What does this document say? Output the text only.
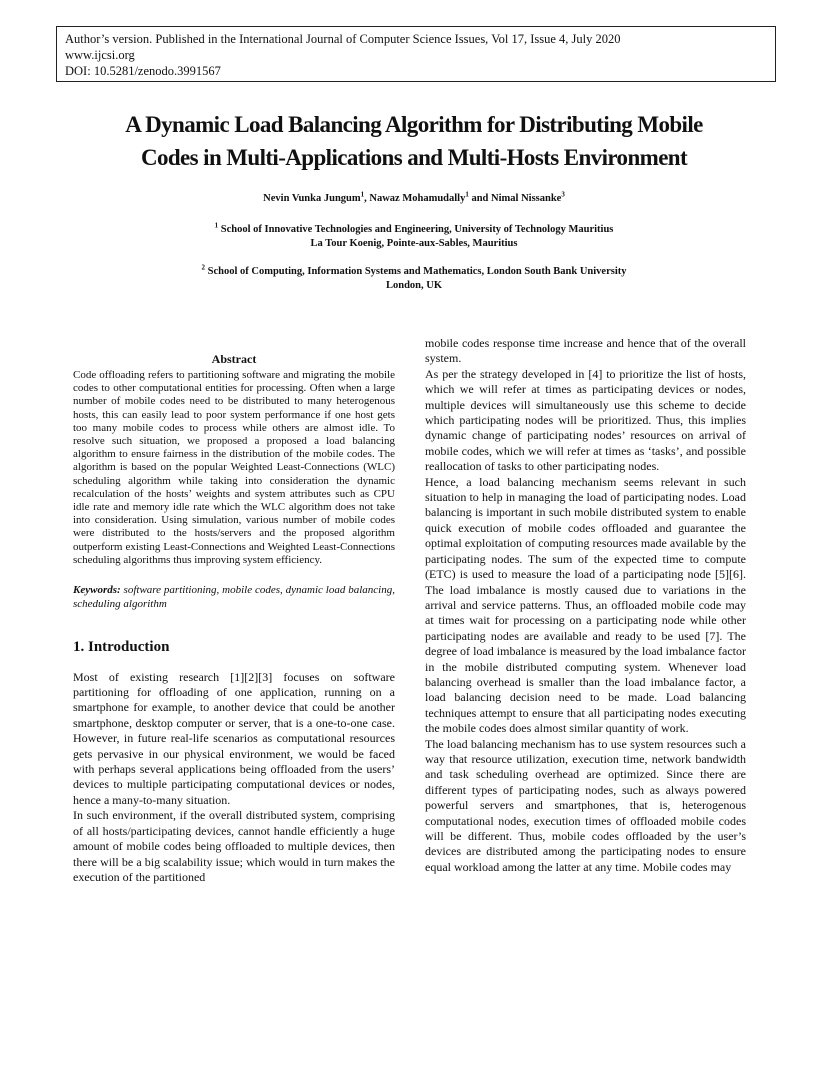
Author’s version. Published in the International Journal of Computer Science Issues, Vol 17, Issue 4, July 2020
www.ijcsi.org
DOI: 10.5281/zenodo.3991567
A Dynamic Load Balancing Algorithm for Distributing Mobile
Codes in Multi-Applications and Multi-Hosts Environment
Nevin Vunka Jungum$^1$, Nawaz Mohamudally$^1$ and Nimal Nissanke$^3$
$^1$ School of Innovative Technologies and Engineering, University of Technology Mauritius
La Tour Koenig, Pointe-aux-Sables, Mauritius
$^2$ School of Computing, Information Systems and Mathematics, London South Bank University
London, UK
Abstract

Code offloading refers to partitioning software and migrating the mobile codes to other computational entities for processing. Often when a large number of mobile codes need to be distributed to many heterogenous hosts, this can easily lead to poor system performance if one host gets too many mobile codes to process while others are almost idle. To resolve such situation, we proposed a proposed a load balancing algorithm to ensure fairness in the distribution of the mobile codes. The algorithm is based on the popular Weighted Least-Connections (WLC) scheduling algorithm while taking into consideration the dynamic recalculation of the hosts’ weights and system attributes such as CPU idle rate and memory idle rate which the WLC algorithm does not take into consideration. Using simulation, various number of mobile codes were distributed to the hosts/servers and the proposed algorithm outperform existing Least-Connections and Weighted Least-Connections scheduling algorithms thus improving system efficiency.

Keywords: software partitioning, mobile codes, dynamic load balancing, scheduling algorithm

1. Introduction

Most of existing research [1][2][3] focuses on software partitioning for offloading of one application, running on a smartphone for example, to another device that could be another smartphone, desktop computer or server, that is a one-to-one case. However, in future real-life scenarios as computational resources gets pervasive in our physical environment, we would be faced with perhaps several applications being offloaded from the users’ devices to multiple participating computational devices or nodes, hence a many-to-many situation.

In such environment, if the overall distributed system, comprising of all hosts/participating devices, cannot handle efficiently a huge amount of mobile codes being offloaded to multiple devices, then there will be a big scalability issue; which would in turn makes the execution of the partitioned

mobile codes response time increase and hence that of the overall system.

As per the strategy developed in [4] to prioritize the list of hosts, which we will refer at times as participating devices or nodes, multiple devices will simultaneously use this scheme to decide which participating nodes will be prioritized. Thus, this implies dynamic change of participating nodes’ resources on arrival of mobile codes, which we will refer at times as ‘tasks’, and possible reallocation of tasks to other participating nodes.

Hence, a load balancing mechanism seems relevant in such situation to help in managing the load of participating nodes. Load balancing is important in such mobile distributed system to enable quick execution of mobile codes offloaded and guarantee the optimal exploitation of computing resources made available by the participating nodes. The sum of the expected time to compute (ETC) is used to measure the load of a participating node [5][6]. The load imbalance is mostly caused due to variations in the arrival and service patterns. Thus, an offloaded mobile code may at times wait for processing on a participating node while other participating nodes are available and ready to be used [7]. The degree of load imbalance is measured by the load imbalance factor in the mobile distributed computing system. Whenever load balancing overhead is smaller than the load imbalance factor, a load balancing decision need to be made. Load balancing techniques attempt to ensure that all participating nodes executing the mobile codes does almost similar quantity of work.

The load balancing mechanism has to use system resources such a way that resource utilization, execution time, network bandwidth and task scheduling overhead are optimized. Since there are different types of participating nodes, such as always powered powerful servers and smartphones, that is, heterogenous computational nodes, execution times of offloaded mobile codes will be different. Thus, mobile codes offloaded by the user’s devices are distributed among the participating nodes to ensure equal workload among the latter at any time. Mobile codes may
